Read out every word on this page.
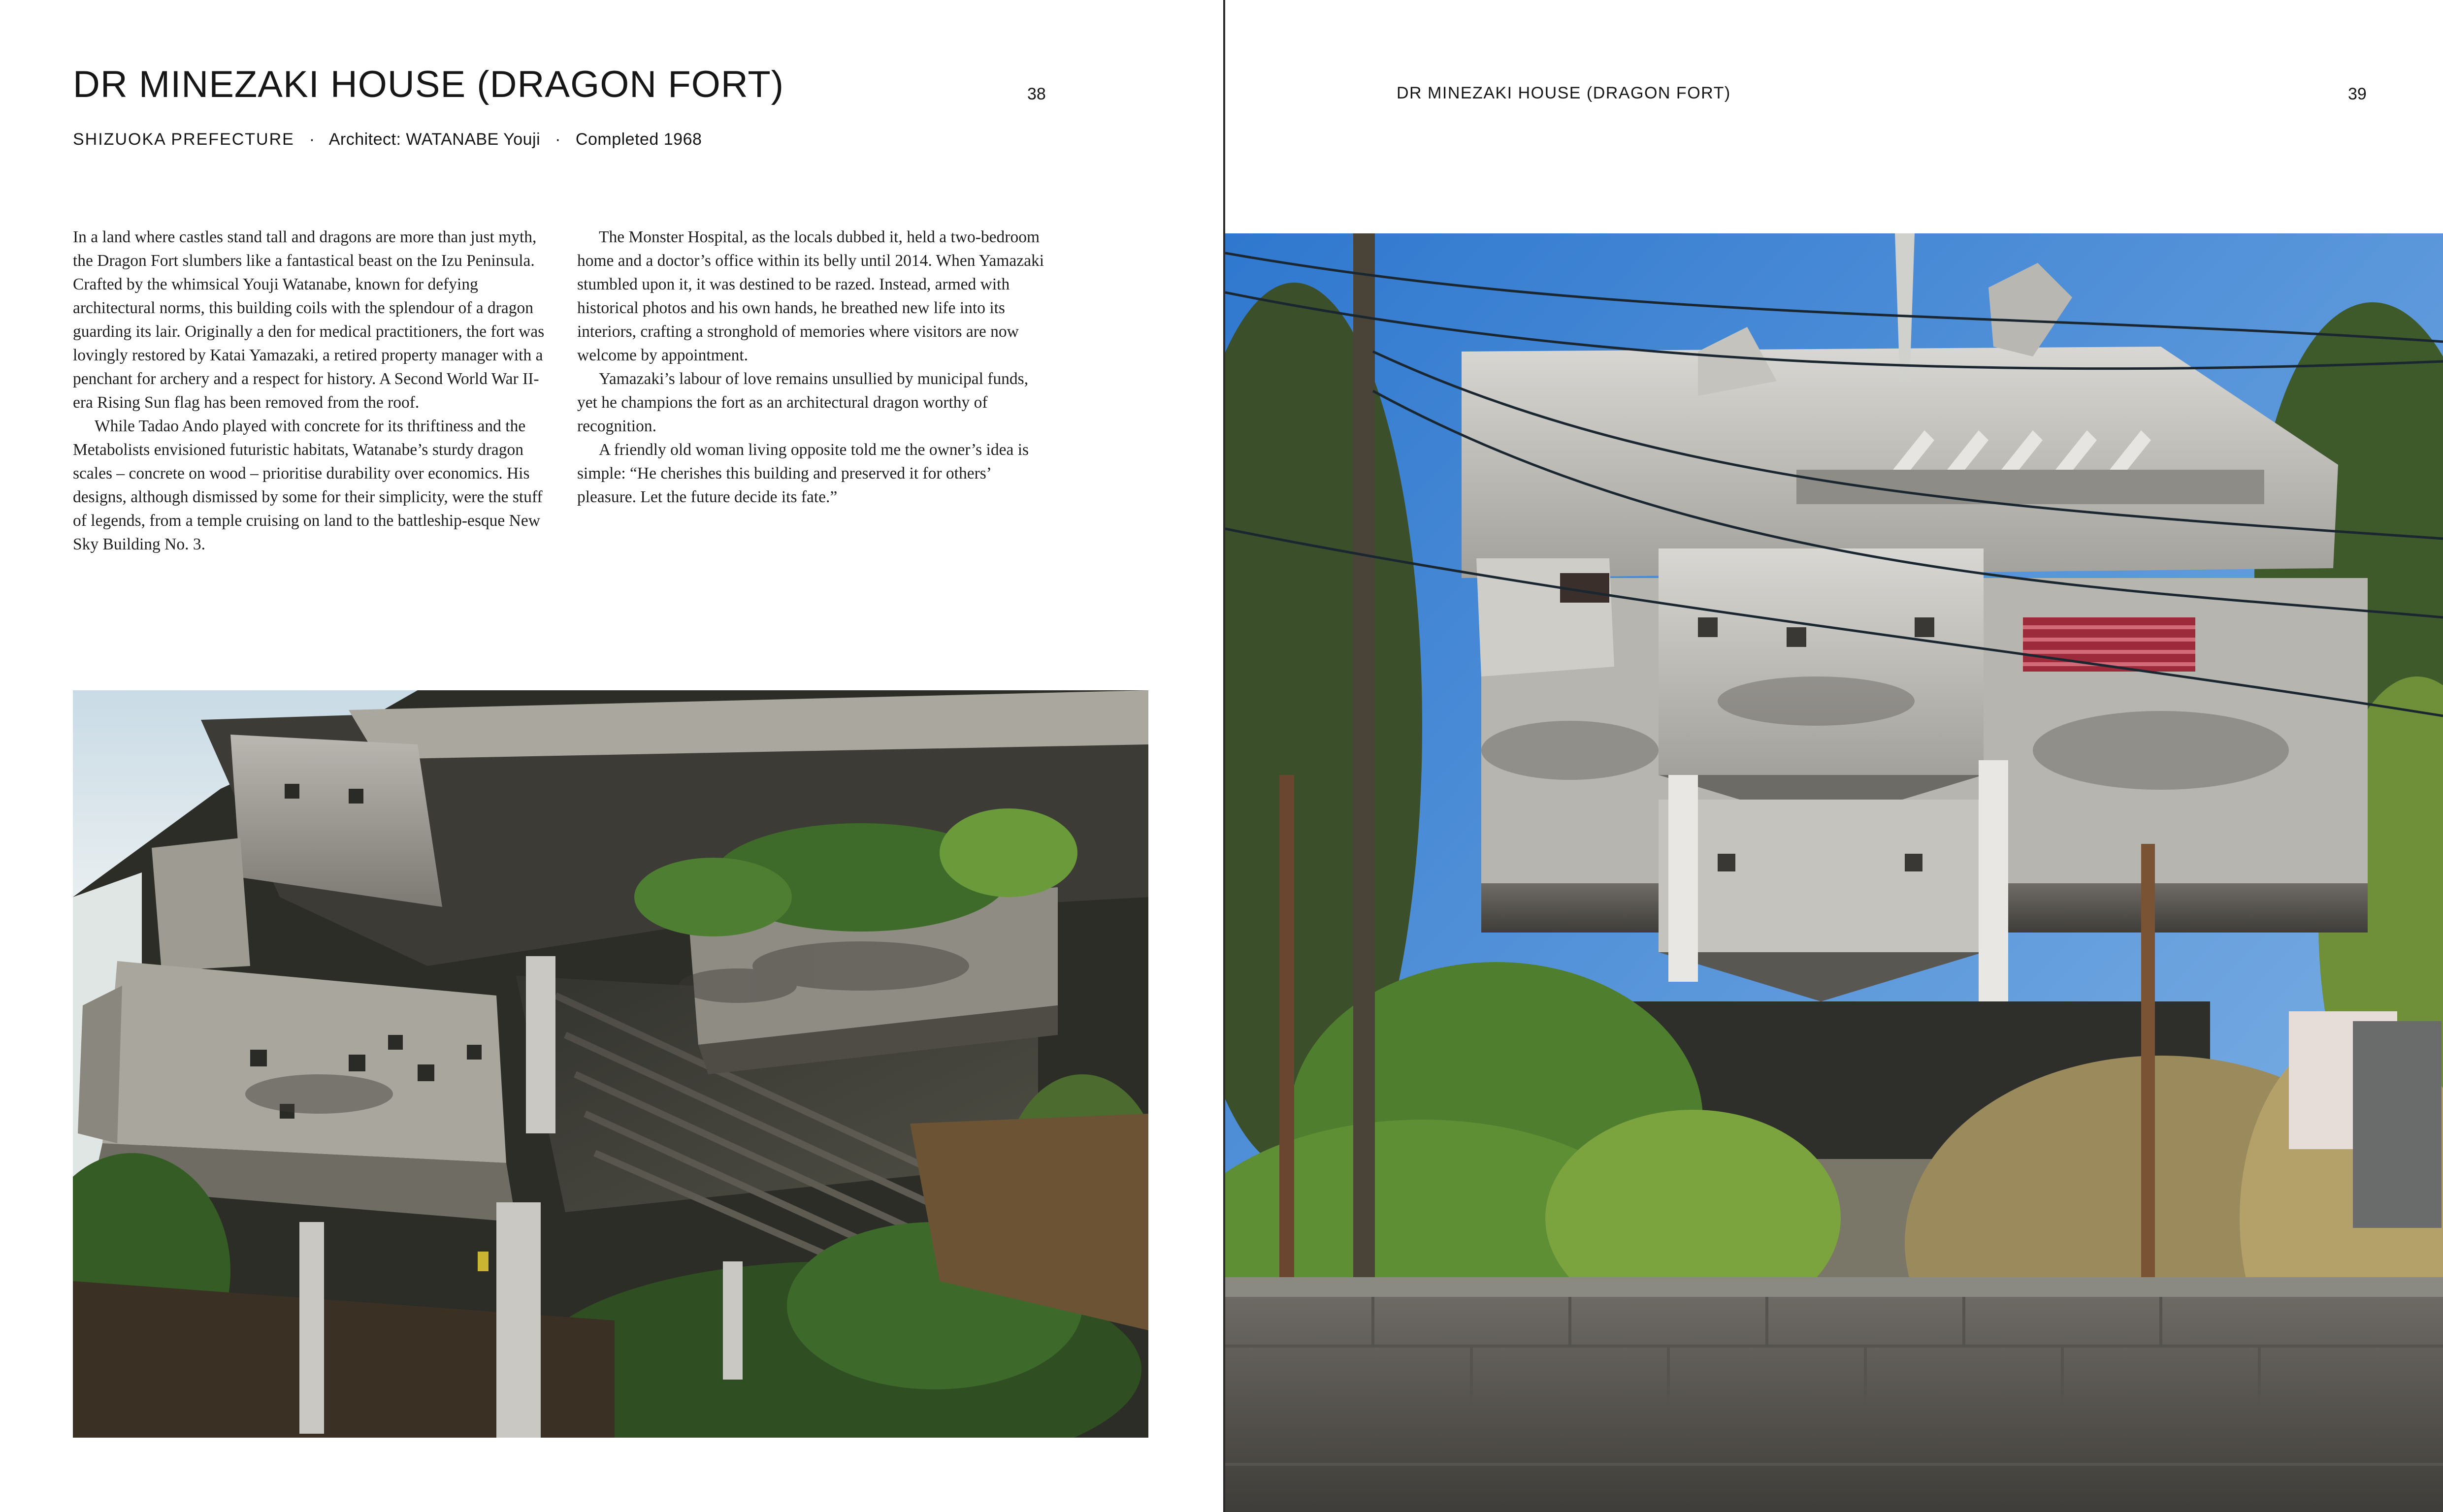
DR MINEZAKI HOUSE (DRAGON FORT)	38
SHIZUOKA PREFECTURE · Architect: WATANABE Youji · Completed 1968

In a land where castles stand tall and dragons are more than just myth, the Dragon Fort slumbers like a fantastical beast on the Izu Peninsula. Crafted by the whimsical Youji Watanabe, known for defying architectural norms, this building coils with the splendour of a dragon guarding its lair. Originally a den for medical practitioners, the fort was lovingly restored by Katai Yamazaki, a retired property manager with a penchant for archery and a respect for history. A Second World War II-era Rising Sun flag has been removed from the roof.

While Tadao Ando played with concrete for its thriftiness and the Metabolists envisioned futuristic habitats, Watanabe’s sturdy dragon scales – concrete on wood – prioritise durability over economics. His designs, although dismissed by some for their simplicity, were the stuff of legends, from a temple cruising on land to the battleship-esque New Sky Building No. 3.

The Monster Hospital, as the locals dubbed it, held a two-bedroom home and a doctor’s office within its belly until 2014. When Yamazaki stumbled upon it, it was destined to be razed. Instead, armed with historical photos and his own hands, he breathed new life into its interiors, crafting a stronghold of memories where visitors are now welcome by appointment.

Yamazaki’s labour of love remains unsullied by municipal funds, yet he champions the fort as an architectural dragon worthy of recognition.

A friendly old woman living opposite told me the owner’s idea is simple: “He cherishes this building and preserved it for others’ pleasure. Let the future decide its fate.”

DR MINEZAKI HOUSE (DRAGON FORT)	39
